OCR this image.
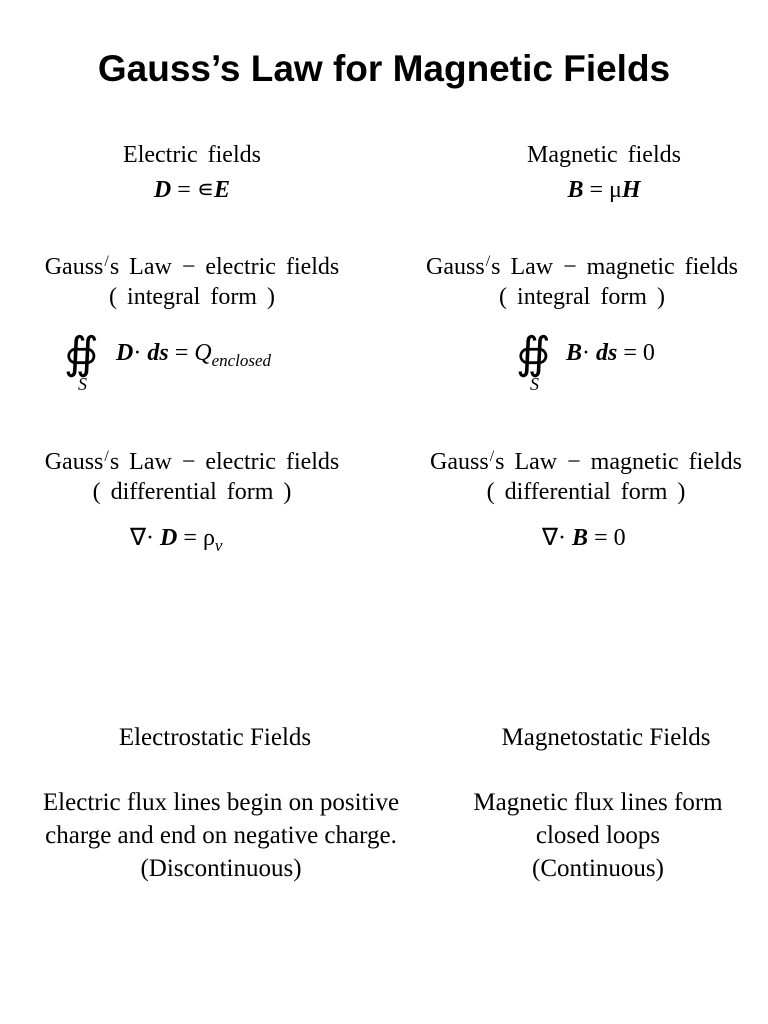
Gauss’s Law for Magnetic Fields
Electric fields
D = ∊E
Gauss/s Law − electric fields
( integral form )
∯
S
D· ds = $Q_{enclosed}$
Gauss/s Law − electric fields
( differential form )
∇· $D = \rho_v$
Magnetic fields
B = μH
Gauss/s Law − magnetic fields
( integral form )
∯
S
B· ds = 0
Gauss/s Law − magnetic fields
( differential form )
∇· B = 0
Electrostatic Fields
Electric flux lines begin on positive
charge and end on negative charge.
(Discontinuous)
Magnetostatic Fields
Magnetic flux lines form
closed loops
(Continuous)
